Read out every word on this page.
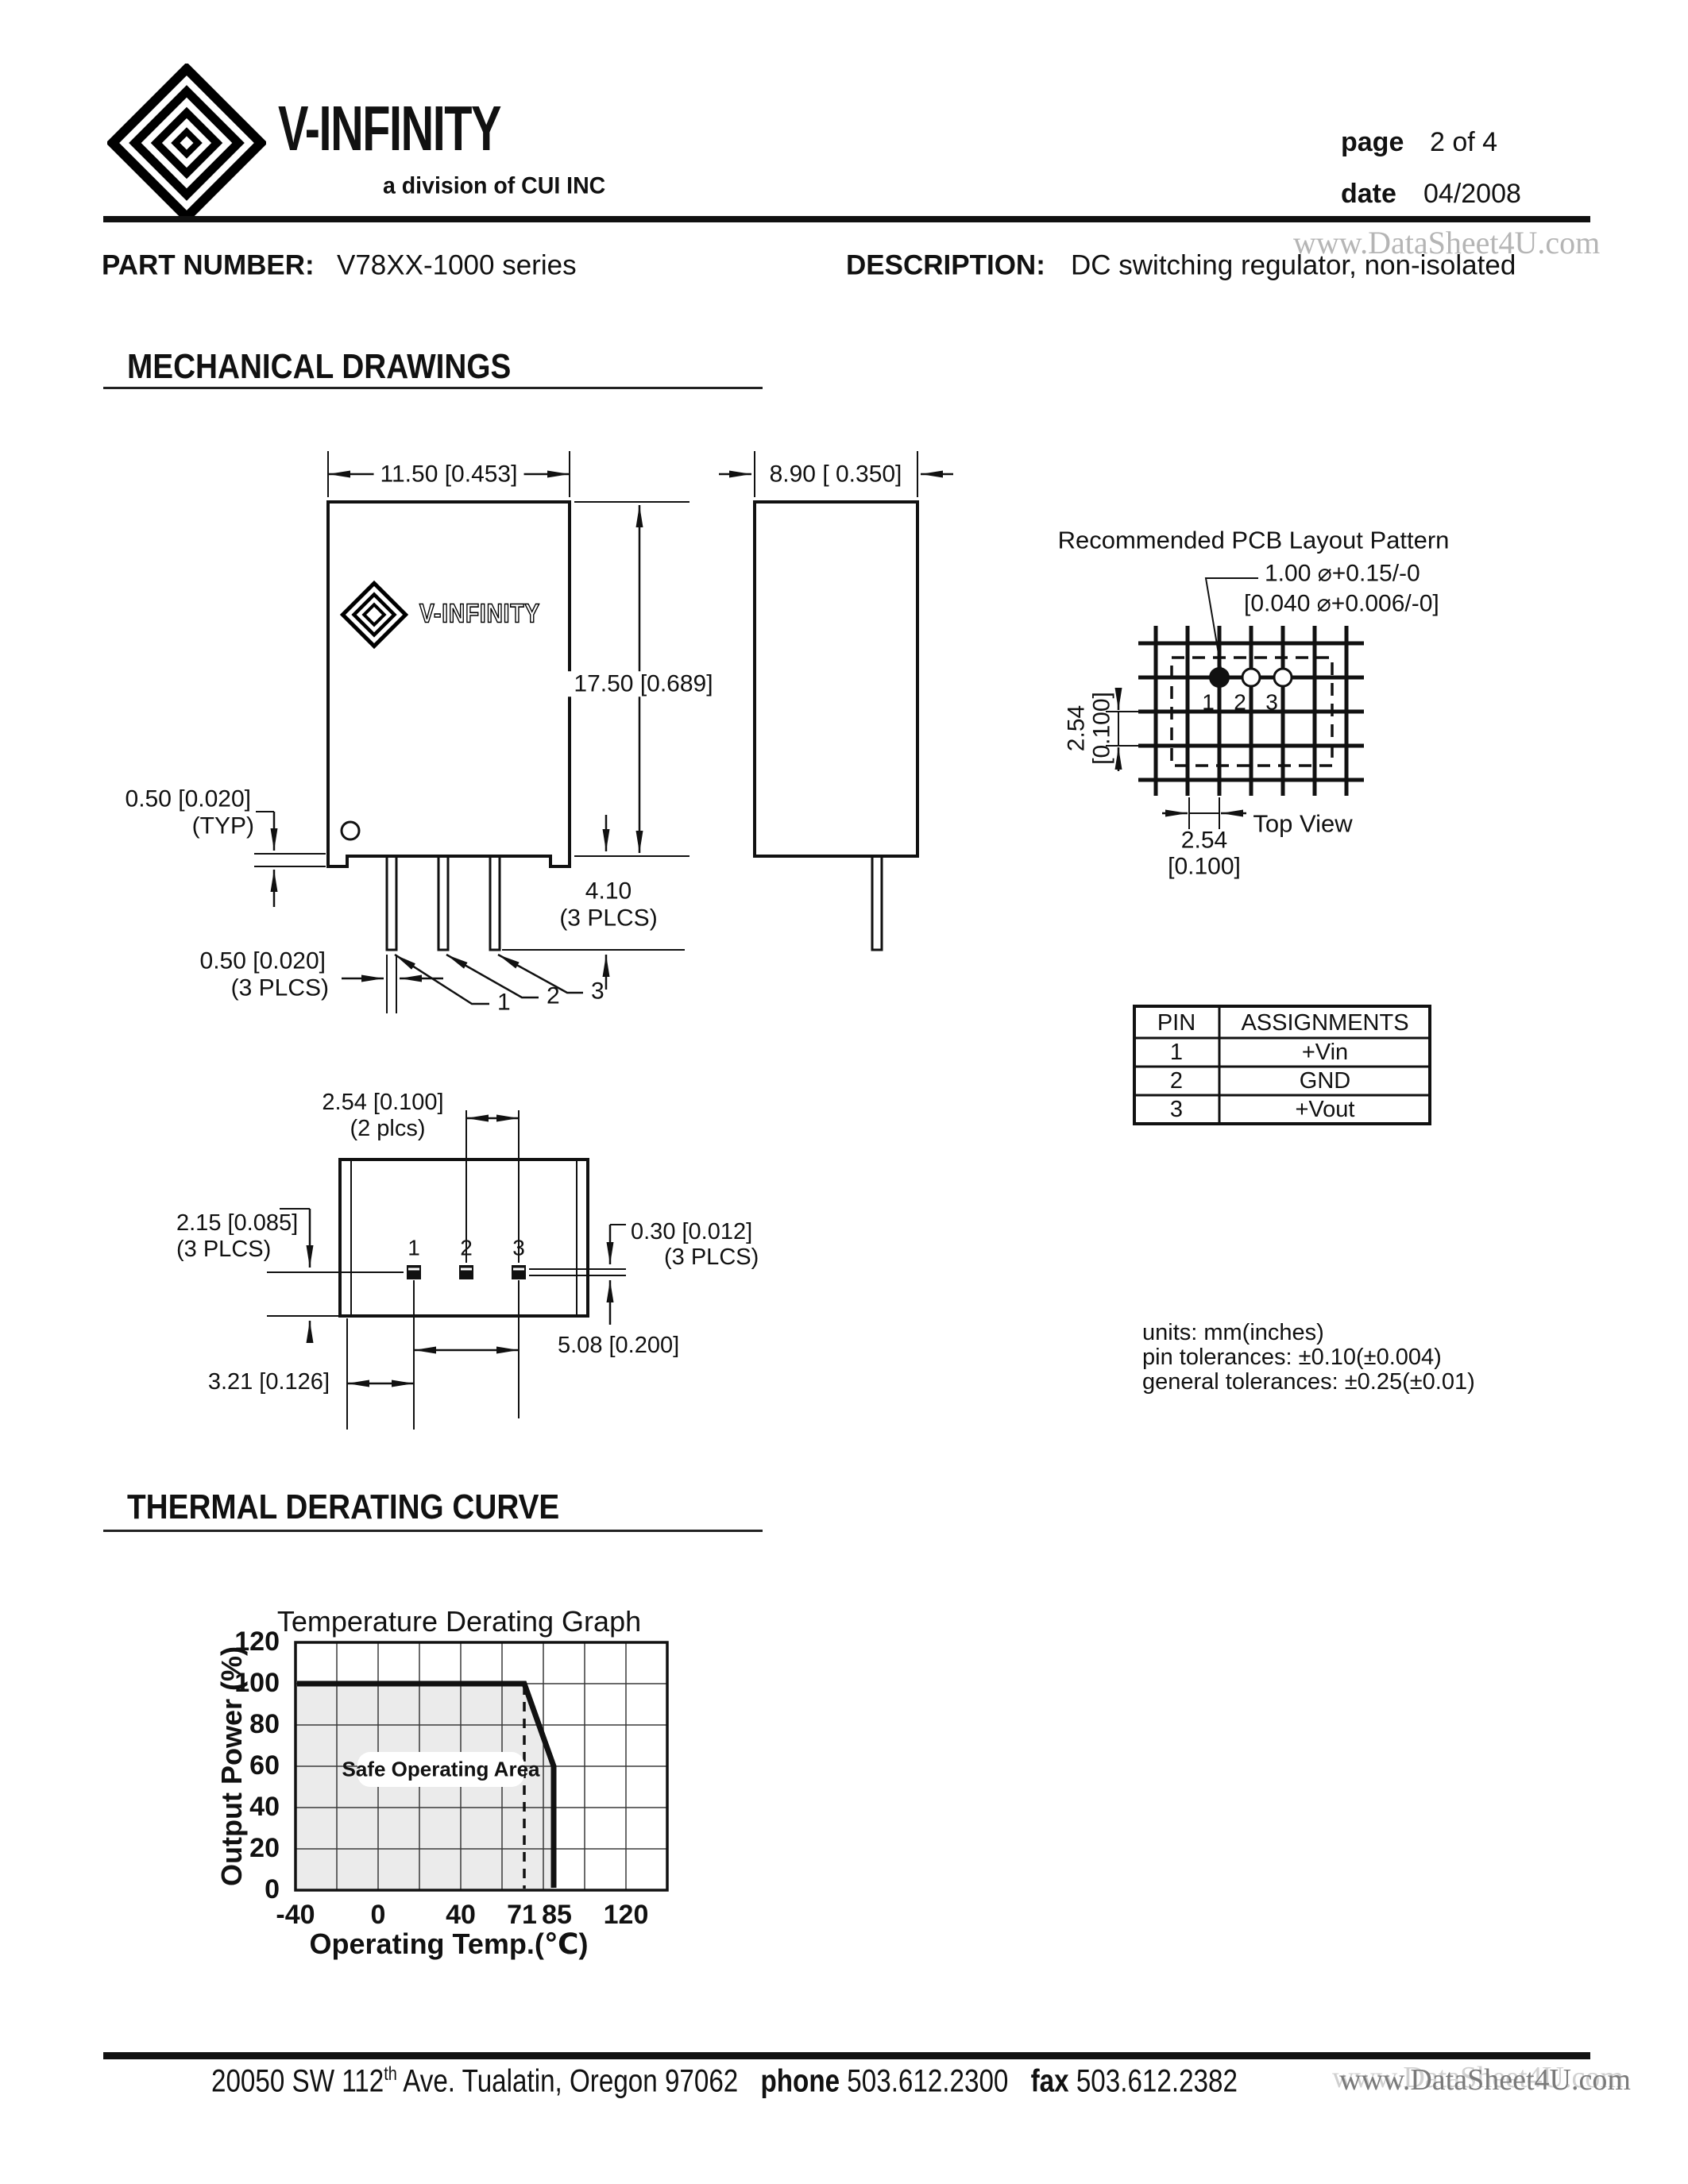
V-INFINITY
a division of CUI INC
page 2 of 4
date 04/2008
www.DataSheet4U.com
PART NUMBER: V78XX-1000 series	DESCRIPTION: DC switching regulator, non-isolated
MECHANICAL DRAWINGS
V-INFINITY
11.50 [0.453]
17.50 [0.689]
0.50 [0.020]
(TYP)
4.10
(3 PLCS)
0.50 [0.020]
(3 PLCS)
1 2 3
8.90 [ 0.350]
Recommended PCB Layout Pattern
1.00 ⌀+0.15/-0
[0.040 ⌀+0.006/-0]
2.54
[0.100]
2.54
[0.100]
Top View
1 2 3
PIN ASSIGNMENTS
1	+Vin
2	GND
3	+Vout
units: mm(inches)
pin tolerances: ±0.10(±0.004)
general tolerances: ±0.25(±0.01)
2.54 [0.100]
(2 plcs)
2.15 [0.085]
(3 PLCS)
0.30 [0.012]
(3 PLCS)
5.08 [0.200]
3.21 [0.126]
1 2 3
THERMAL DERATING CURVE
Temperature Derating Graph
Output Power (%)
Operating Temp.(℃)
Safe Operating Area
0
20
40
60
80
100
120
-40 0 40 71 85 120
20050 SW 112th Ave. Tualatin, Oregon 97062 phone 503.612.2300 fax 503.612.2382	www.DataSheet4U.com
